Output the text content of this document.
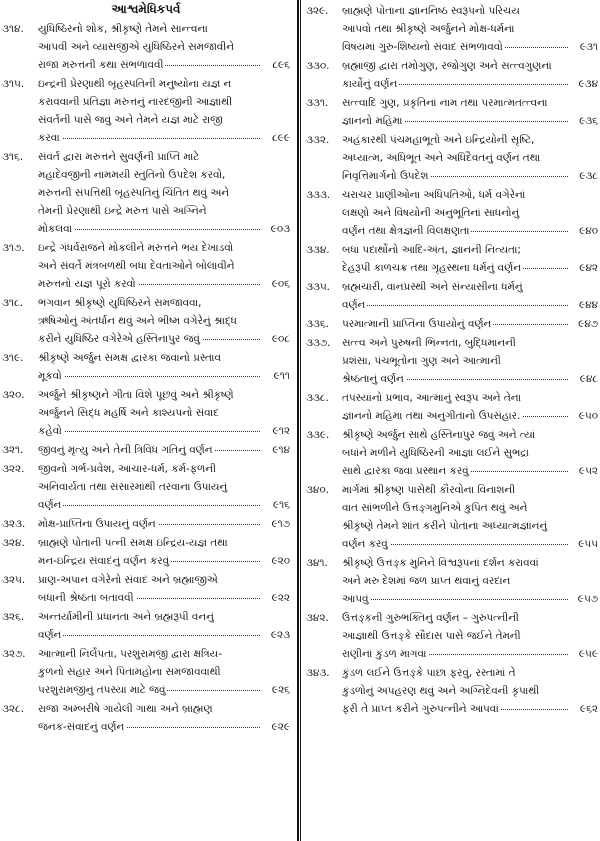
આશ્વમેધિકપર્વ
૩૧૪.	યુધિષ્ઠિરનો શોક, શ્રીકૃષ્ણે તેમને સાન્ત્વના
આપવી અને વ્યાસજીએ યુધિષ્ઠિરને સમજાવીને
રાજા મરુત્તની કથા સંભળાવવી	૮૯૬
૩૧૫.	ઇન્દ્રની પ્રેરણાથી બૃહસ્પતિની મનુષ્યોના યજ્ઞ ન
કરાવવાની પ્રતિજ્ઞા મરુત્તનું નારદજીની આજ્ઞાથી
સંવર્તની પાસે જવું અને તેમને યજ્ઞ માટે રાજી
કરવા	૮૯૯
૩૧૬.	સંવર્ત દ્વારા મરુત્તને સુવર્ણની પ્રાપ્તિ માટે
મહાદેવજીની નામમયી સ્તુતિનો ઉપદેશ કરવો,
મરુત્તની સંપત્તિથી બૃહસ્પતિનું ચિંતિત થવું અને
તેમની પ્રેરણાથી ઇન્દ્રે મરુત્ત પાસે અગ્નિને
મોકલવા	૯૦૩
૩૧૭.	ઇન્દ્રે ગંધર્વરાજને મોકલીને મરુત્તને ભય દેખાડવો
અને સંવર્તે મંત્રબળથી બધા દેવતાઓને બોલાવીને
મરુત્તનો યજ્ઞ પૂરો કરવો	૯૦૬
૩૧૮.	ભગવાન શ્રીકૃષ્ણે યુધિષ્ઠિરને સમજાવવા,
ઋષિઓનું અંતર્ધાન થવું અને ભીષ્મ વગેરેનું શ્રાદ્ધ
કરીને યુધિષ્ઠિર વગેરેએ હસ્તિનાપુર જવું	૯૦૮
૩૧૯.	શ્રીકૃષ્ણે અર્જુન સમક્ષ દ્વારકા જવાનો પ્રસ્તાવ
મૂકવો	૯૧૧
૩૨૦.	અર્જુને શ્રીકૃષ્ણને ગીતા વિશે પૂછવું અને શ્રીકૃષ્ણે
અર્જુનને સિદ્ધ મહર્ષિ અને કાશ્યપનો સંવાદ
કહેવો	૯૧૨
૩૨૧.	જીવનું મૃત્યુ અને તેની ત્રિવિધ ગતિનું વર્ણન	૯૧૪
૩૨૨.	જીવનો ગર્ભ-પ્રવેશ, આચાર-ધર્મ, કર્મ-ફળની
અનિવાર્યતા તથા સંસારમાંથી તરવાના ઉપાયનું
વર્ણન	૯૧૬
૩૨૩.	મોક્ષ-પ્રાપ્તિના ઉપાયનું વર્ણન	૯૧૭
૩૨૪.	બ્રાહ્મણે પોતાની પત્ની સમક્ષ ઇન્દ્રિય-યજ્ઞ તથા
મન-ઇન્દ્રિય સંવાદનું વર્ણન કરવું	૯૨૦
૩૨૫.	પ્રાણ-અપાન વગેરેનો સંવાદ અને બ્રહ્માજીએ
બધાની શ્રેષ્ઠતા બતાવવી	૯૨૨
૩૨૬.	અન્તર્યામીની પ્રધાનતા અને બ્રહ્મરૂપી વનનું
વર્ણન	૯૨૩
૩૨૭.	આત્માની નિર્લેપતા, પરશુરામજી દ્વારા ક્ષત્રિય-
કુળનો સંહાર અને પિતામહોના સમજાવવાથી
પરશુરામજીનું તપસ્યા માટે જવું	૯૨૬
૩૨૮.	રાજા અમ્બરીષે ગાયેલી ગાથા અને બ્રાહ્મણ
જનક-સંવાદનું વર્ણન	૯૨૯
૩૨૯.	બ્રાહ્મણે પોતાના જ્ઞાનનિષ્ઠ સ્વરૂપનો પરિચય
આપવો તથા શ્રીકૃષ્ણે અર્જુનને મોક્ષ-ધર્મના
વિષયમાં ગુરુ-શિષ્યનો સંવાદ સંભળાવવો	૯૩૧
૩૩૦.	બ્રહ્માજી દ્વારા તમોગુણ, રજોગુણ અને સત્ત્વગુણનાં
કાર્યોનું વર્ણન	૯૩૪
૩૩૧.	સત્ત્વાદિ ગુણ, પ્રકૃતિનાં નામ તથા પરમાત્મતત્ત્વના
જ્ઞાનનો મહિમા	૯૩૬
૩૩૨.	અહંકારથી પંચમહાભૂતો અને ઇન્દ્રિયોની સૃષ્ટિ,
અધ્યાત્મ, અધિભૂત અને અધિદૈવતનું વર્ણન તથા
નિવૃત્તિમાર્ગનો ઉપદેશ	૯૩૮
૩૩૩.	ચરાચર પ્રાણીઓના અધિપતિઓ, ધર્મ વગેરેનાં
લક્ષણો અને વિષયોની અનુભૂતિનાં સાધનોનું
વર્ણન તથા ક્ષેત્રજ્ઞની વિલક્ષણતા	૯૪૦
૩૩૪.	બધા પદાર્થોનો આદિ-અંત, જ્ઞાનની નિત્યતા;
દેહરૂપી કાળચક્ર તથા ગૃહસ્થના ધર્મનું વર્ણન	૯૪૨
૩૩૫.	બ્રહ્મચારી, વાનપ્રસ્થી અને સંન્યાસીના ધર્મનું
વર્ણન	૯૪૪
૩૩૬.	પરમાત્માની પ્રાપ્તિના ઉપાયોનું વર્ણન	૯૪૭
૩૩૭.	સત્ત્વ અને પુરુષની ભિન્નતા, બુદ્ધિમાનની
પ્રશંસા, પંચભૂતોના ગુણ અને આત્માની
શ્રેષ્ઠતાનું વર્ણન	૯૪૮
૩૩૮.	તપસ્યાનો પ્રભાવ, આત્માનું સ્વરૂપ અને તેના
જ્ઞાનનો મહિમા તથા અનુગીતાનો ઉપસંહાર.	૯૫૦
૩૩૯.	શ્રીકૃષ્ણે અર્જુન સાથે હસ્તિનાપુર જવું અને ત્યાં
બધાંને મળીને યુધિષ્ઠિરની આજ્ઞા લઈને સુભદ્રા
સાથે દ્વારકા જવા પ્રસ્થાન કરવું	૯૫૨
૩૪૦.	માર્ગમાં શ્રીકૃષ્ણ પાસેથી કૌરવોના વિનાશની
વાત સાંભળીને ઉત્તઙ્ગમુનિએ કુપિત થવું અને
શ્રીકૃષ્ણે તેમને શાંત કરીને પોતાના અધ્યાત્મજ્ઞાનનું
વર્ણન કરવું	૯૫૫
૩૪૧.	શ્રીકૃષ્ણે ઉત્તઙ્ક મુનિને વિશ્વરૂપનાં દર્શન કરાવવાં
અને મરુ દેશમાં જળ પ્રાપ્ત થવાનું વરદાન
આપવું	૯૫૭
૩૪૨.	ઉત્તઙ્કની ગુરુભક્તિનું વર્ણન – ગુરુપત્નીની
આજ્ઞાથી ઉત્તઙ્કે સૌદાસ પાસે જઈને તેમની
રાણીનાં કુંડળ માગવા	૯૫૯
૩૪૩.	કુંડળ લઈને ઉત્તઙ્કે પાછા ફરવું, રસ્તામાં તે
કુંડળોનું અપહરણ થવું અને અગ્નિદેવની કૃપાથી
ફરી તે પ્રાપ્ત કરીને ગુરુપત્નીને આપવાં	૯૬૨
